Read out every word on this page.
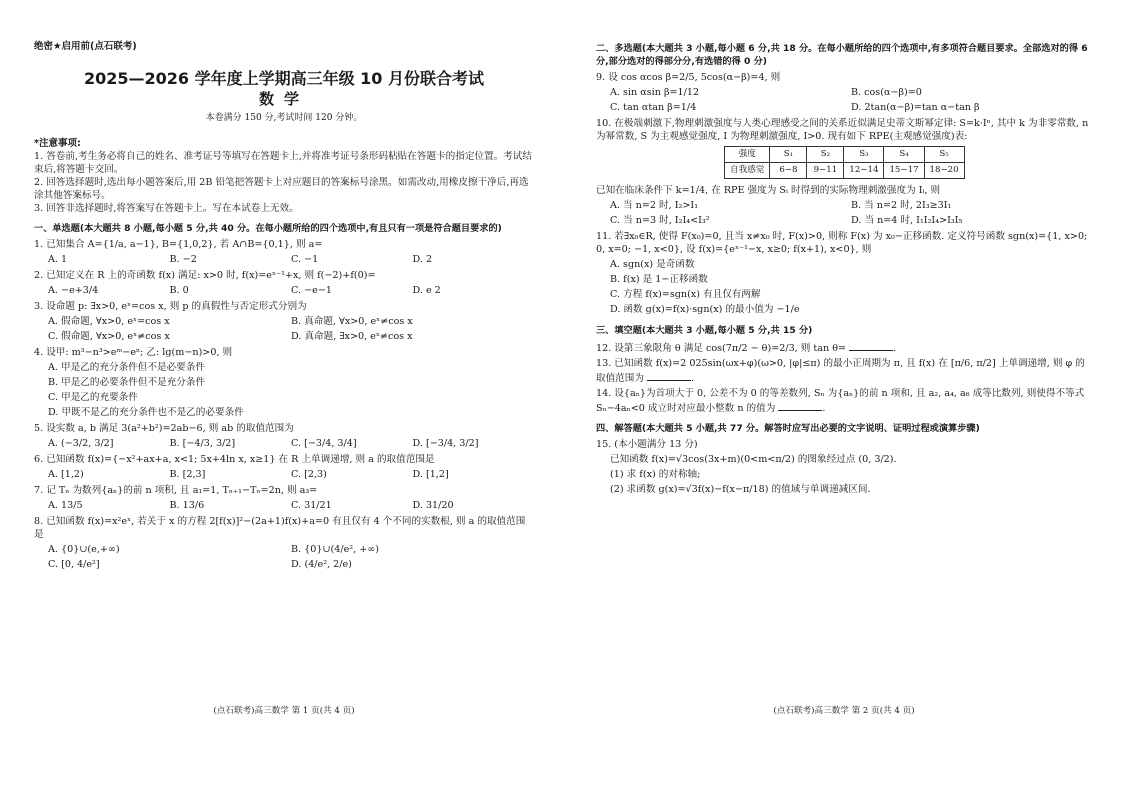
绝密★启用前(点石联考)
2025—2026 学年度上学期高三年级 10 月份联合考试
数学
本卷满分 150 分,考试时间 120 分钟。
*注意事项:
1. 答卷前,考生务必将自己的姓名、准考证号等填写在答题卡上,并将准考证号条形码粘贴在答题卡的指定位置。考试结束后,将答题卡交回。
2. 回答选择题时,选出每小题答案后,用 2B 铅笔把答题卡上对应题目的答案标号涂黑。如需改动,用橡皮擦干净后,再选涂其他答案标号。
3. 回答非选择题时,将答案写在答题卡上。写在本试卷上无效。
一、单选题(本大题共 8 小题,每小题 5 分,共 40 分。在每小题所给的四个选项中,有且只有一项是符合题目要求的)
1. 已知集合 A={1/a, a−1}, B={1,0,2}, 若 A∩B={0,1}, 则 a=
A. 1	B. −2	C. −1	D. 2
2. 已知定义在 R 上的奇函数 f(x) 满足: x>0 时, f(x)=eˣ⁻¹+x, 则 f(−2)+f(0)=
A. −e+3/4	B. 0	C. −e−1	D. e 2
3. 设命题 p: ∃x>0, eˣ=cos x, 则 p 的真假性与否定形式分别为
A. 假命题, ∀x>0, eˣ=cos x	B. 真命题, ∀x>0, eˣ≠cos x
C. 假命题, ∀x>0, eˣ≠cos x	D. 真命题, ∃x>0, eˣ≠cos x
4. 设甲: m³−n³>eᵐ−eⁿ; 乙: lg(m−n)>0, 则
A. 甲是乙的充分条件但不是必要条件
B. 甲是乙的必要条件但不是充分条件
C. 甲是乙的充要条件
D. 甲既不是乙的充分条件也不是乙的必要条件
5. 设实数 a, b 满足 3(a²+b²)=2ab−6, 则 ab 的取值范围为
A. (−3/2, 3/2]	B. [−4/3, 3/2]	C. [−3/4, 3/4]	D. [−3/4, 3/2]
6. 已知函数 f(x)={−x²+ax+a, x<1; 5x+4ln x, x≥1} 在 R 上单调递增, 则 a 的取值范围是
A. [1,2)	B. [2,3]	C. [2,3)	D. [1,2]
7. 记 Tₙ 为数列{aₙ}的前 n 项积, 且 a₁=1, Tₙ₊₁−Tₙ=2n, 则 a₃=
A. 13/5	B. 13/6	C. 31/21	D. 31/20
8. 已知函数 f(x)=x²eˣ, 若关于 x 的方程 2[f(x)]²−(2a+1)f(x)+a=0 有且仅有 4 个不同的实数根, 则 a 的取值范围是
A. {0}∪(e,+∞)	B. {0}∪(4/e², +∞)
C. [0, 4/e²]	D. (4/e², 2/e)
二、多选题(本大题共 3 小题,每小题 6 分,共 18 分。在每小题所给的四个选项中,有多项符合题目要求。全部选对的得 6 分,部分选对的得部分分,有选错的得 0 分)
9. 设 cos αcos β=2/5, 5cos(α−β)=4, 则
A. sin αsin β=1/12	B. cos(α−β)=0
C. tan αtan β=1/4	D. 2tan(α−β)=tan α−tan β
10. 在极端刺激下,物理刺激强度与人类心理感受之间的关系近似满足史蒂文斯幂定律: S=k·Iⁿ, 其中 k 为非零常数, n 为幂常数, S 为主观感觉强度, I 为物理刺激强度, I>0. 现有如下 RPE(主观感觉强度)表:
强度	S₁	S₂	S₃	S₄	S₅
自我感觉	6−8	9−11	12−14	15−17	18−20
已知在临床条件下 k=1/4, 在 RPE 强度为 Sᵢ 时得到的实际物理刺激强度为 Iᵢ, 则
A. 当 n=2 时, I₂>I₁	B. 当 n=2 时, 2I₃≥3I₁
C. 当 n=3 时, I₂I₄<I₃²	D. 当 n=4 时, I₁I₂I₄>I₃I₅
11. 若∃x₀∈R, 使得 F(x₀)=0, 且当 x≠x₀ 时, F(x)>0, 则称 F(x) 为 x₀−正移函数. 定义符号函数 sgn(x)={1, x>0; 0, x=0; −1, x<0}, 设 f(x)={eˣ⁻¹−x, x≥0; f(x+1), x<0}, 则
A. sgn(x) 是奇函数
B. f(x) 是 1−正移函数
C. 方程 f(x)=sgn(x) 有且仅有两解
D. 函数 g(x)=f(x)·sgn(x) 的最小值为 −1/e
三、填空题(本大题共 3 小题,每小题 5 分,共 15 分)
12. 设第三象限角 θ 满足 cos(7π/2 − θ)=2/3, 则 tan θ=	.
13. 已知函数 f(x)=2 025sin(ωx+φ)(ω>0, |φ|≤π) 的最小正周期为 π, 且 f(x) 在 [π/6, π/2] 上单调递增, 则 φ 的取值范围为	.
14. 设{aₙ}为首项大于 0, 公差不为 0 的等差数列, Sₙ 为{aₙ}的前 n 项和, 且 a₂, a₄, a₆ 成等比数列, 则使得不等式 Sₙ−4aₙ<0 成立时对应最小整数 n 的值为	.
四、解答题(本大题共 5 小题,共 77 分。解答时应写出必要的文字说明、证明过程或演算步骤)
15. (本小题满分 13 分)
已知函数 f(x)=√3cos(3x+m)(0<m<π/2) 的图象经过点 (0, 3/2).
(1) 求 f(x) 的对称轴;
(2) 求函数 g(x)=√3f(x)−f(x−π/18) 的值域与单调递减区间.
(点石联考)高三数学 第 1 页(共 4 页)	(点石联考)高三数学 第 2 页(共 4 页)
